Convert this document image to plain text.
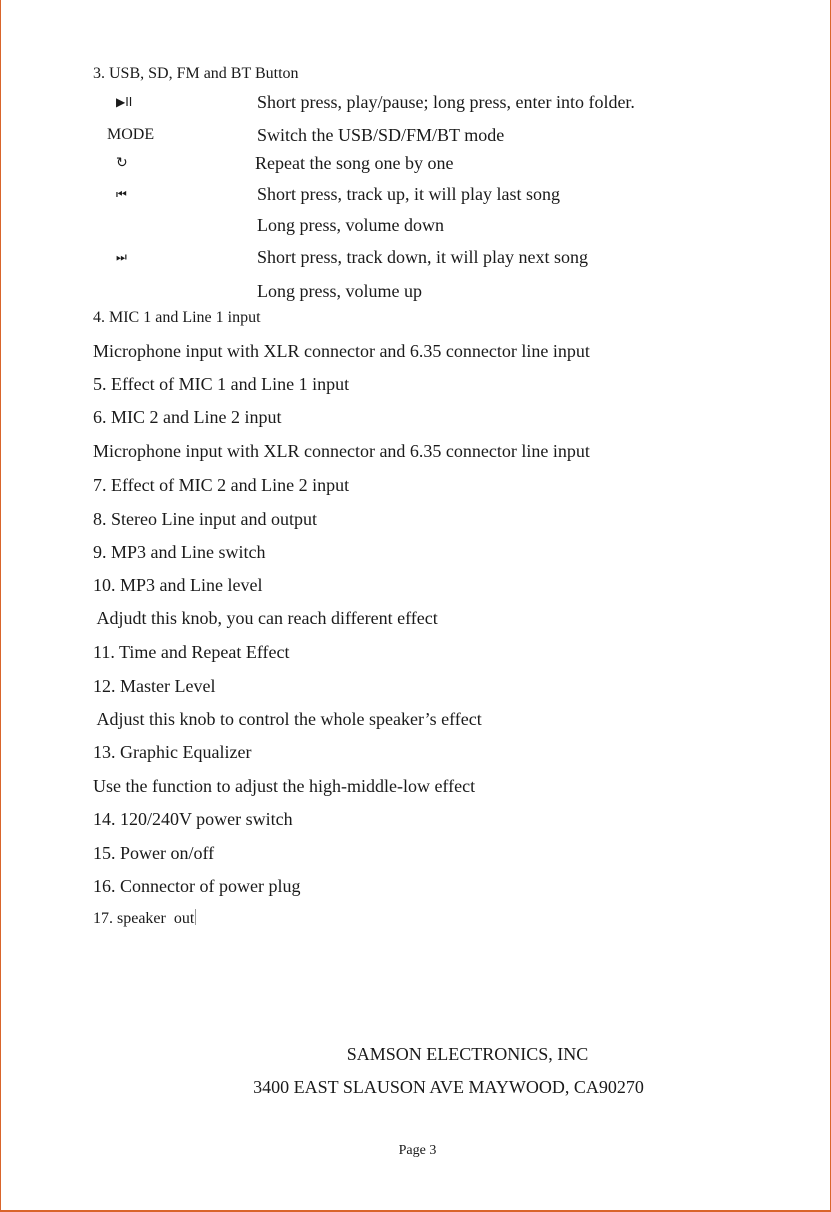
3. USB, SD, FM and BT Button
▶II	Short press, play/pause; long press, enter into folder.
MODE	Switch the USB/SD/FM/BT mode
↻	Repeat the song one by one
⏮	Short press, track up, it will play last song
Long press, volume down
⏭	Short press, track down, it will play next song
Long press, volume up
4. MIC 1 and Line 1 input
Microphone input with XLR connector and 6.35 connector line input
5. Effect of MIC 1 and Line 1 input
6. MIC 2 and Line 2 input
Microphone input with XLR connector and 6.35 connector line input
7. Effect of MIC 2 and Line 2 input
8. Stereo Line input and output
9. MP3 and Line switch
10. MP3 and Line level
Adjudt this knob, you can reach different effect
11. Time and Repeat Effect
12. Master Level
Adjust this knob to control the whole speaker’s effect
13. Graphic Equalizer
Use the function to adjust the high-middle-low effect
14. 120/240V power switch
15. Power on/off
16. Connector of power plug
17. speaker  out
SAMSON ELECTRONICS, INC
3400 EAST SLAUSON AVE MAYWOOD, CA90270
Page 3
